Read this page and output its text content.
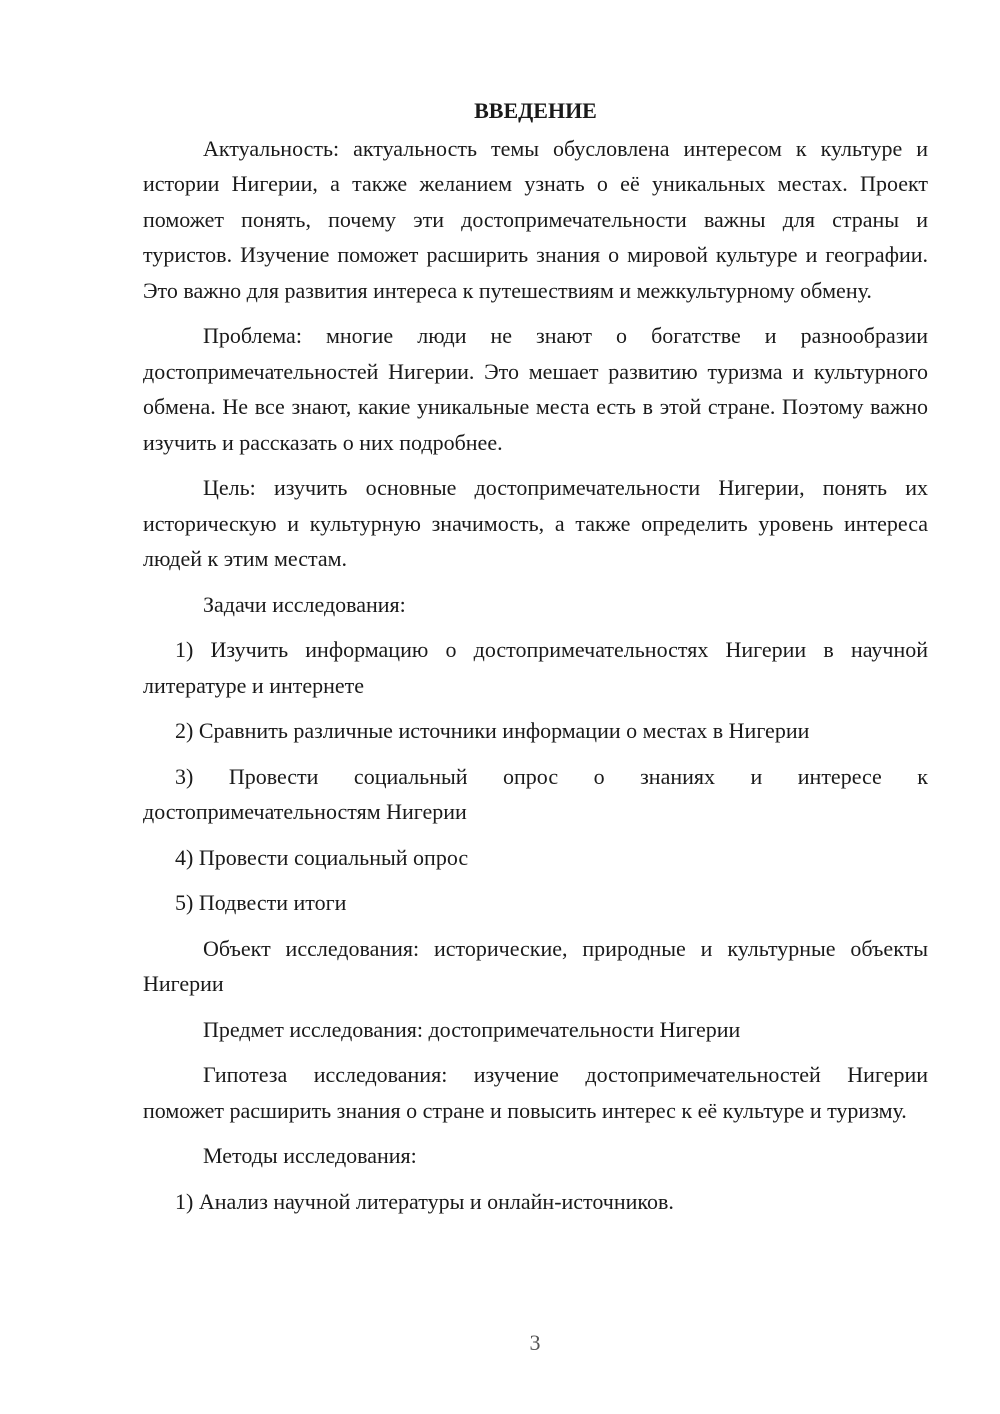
ВВЕДЕНИЕ

Актуальность: актуальность темы обусловлена интересом к культуре и истории Нигерии, а также желанием узнать о её уникальных местах. Проект поможет понять, почему эти достопримечательности важны для страны и туристов. Изучение поможет расширить знания о мировой культуре и географии. Это важно для развития интереса к путешествиям и межкультурному обмену.

Проблема: многие люди не знают о богатстве и разнообразии достопримечательностей Нигерии. Это мешает развитию туризма и культурного обмена. Не все знают, какие уникальные места есть в этой стране. Поэтому важно изучить и рассказать о них подробнее.

Цель: изучить основные достопримечательности Нигерии, понять их историческую и культурную значимость, а также определить уровень интереса людей к этим местам.

Задачи исследования:

1) Изучить информацию о достопримечательностях Нигерии в научной литературе и интернете

2) Сравнить различные источники информации о местах в Нигерии

3) Провести социальный опрос о знаниях и интересе к достопримечательностям Нигерии

4) Провести социальный опрос

5) Подвести итоги

Объект исследования: исторические, природные и культурные объекты Нигерии

Предмет исследования: достопримечательности Нигерии

Гипотеза исследования: изучение достопримечательностей Нигерии поможет расширить знания о стране и повысить интерес к её культуре и туризму.

Методы исследования:

1) Анализ научной литературы и онлайн-источников.

3
